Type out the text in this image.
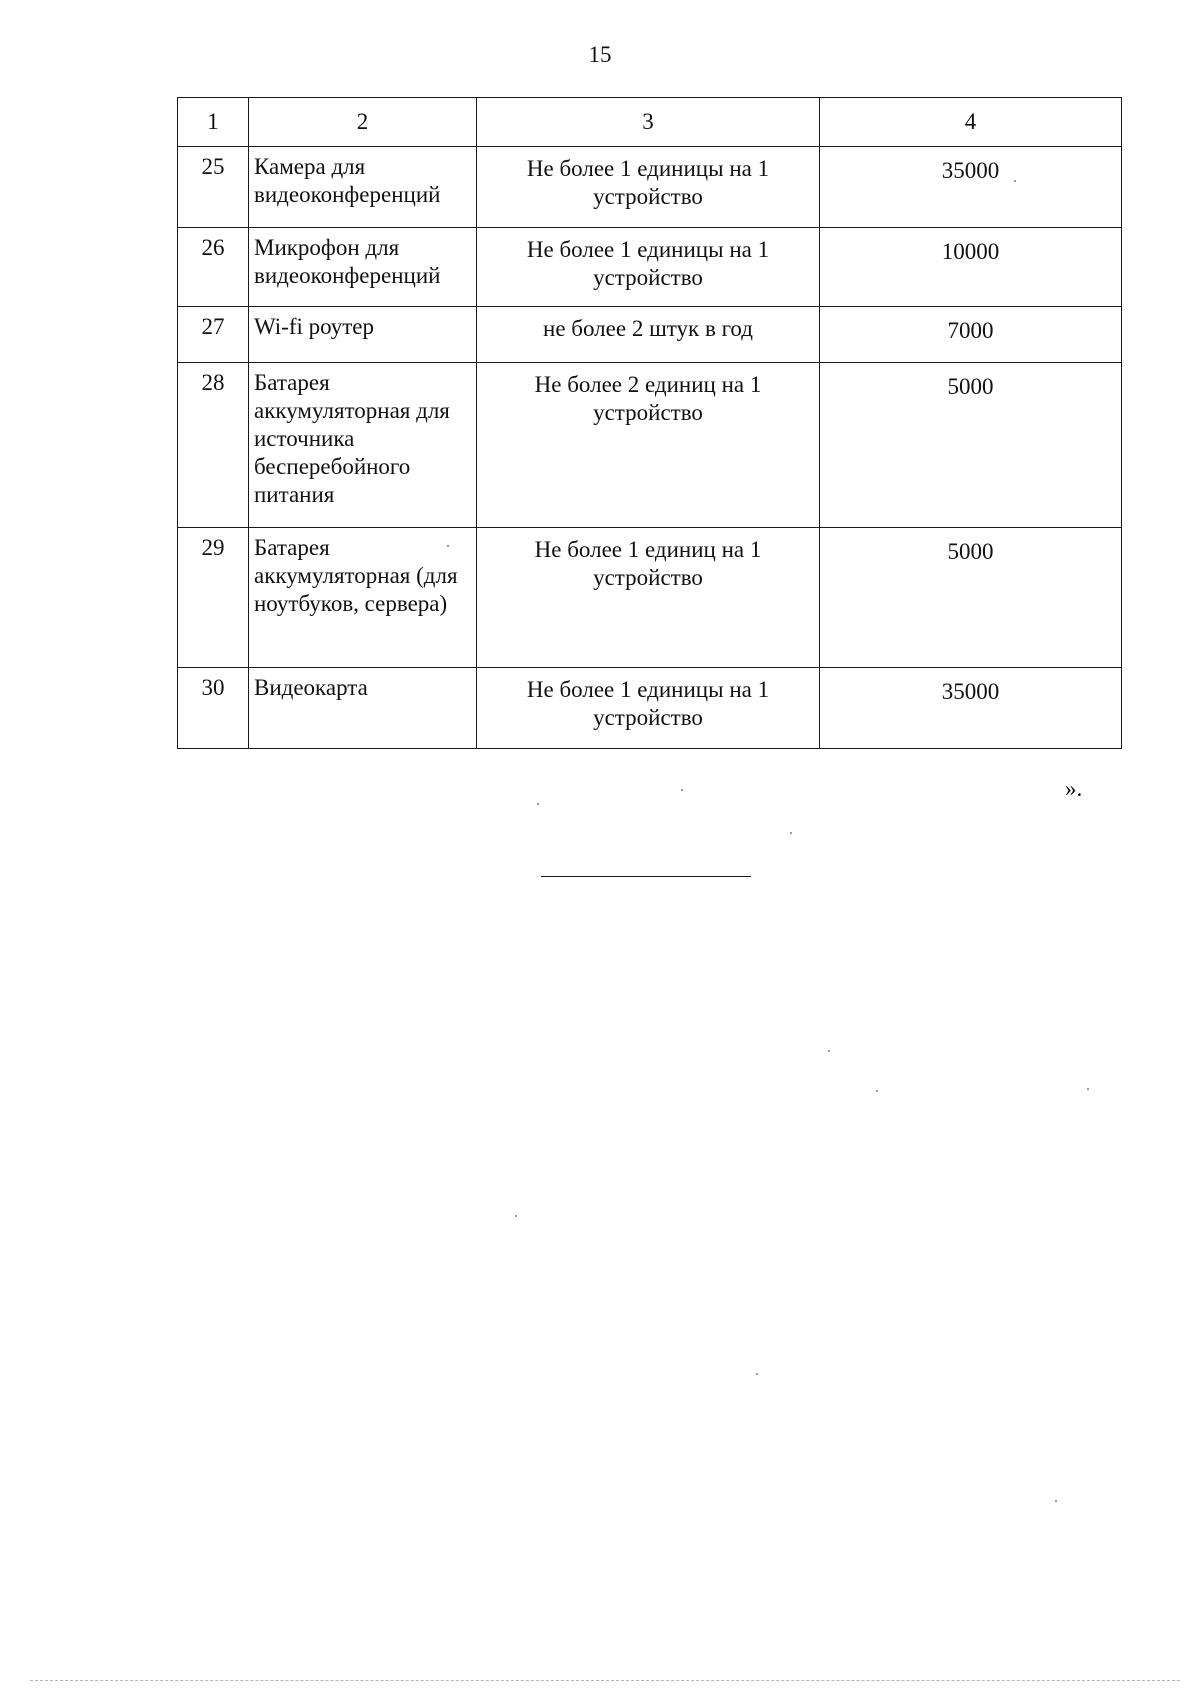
15
1	2	3	4
25	Камера для видеоконференций	Не более 1 единицы на 1 устройство	35000
26	Микрофон для видеоконференций	Не более 1 единицы на 1 устройство	10000
27	Wi-fi роутер	не более 2 штук в год	7000
28	Батарея аккумуляторная для источника бесперебойного питания	Не более 2 единиц на 1 устройство	5000
29	Батарея аккумуляторная (для ноутбуков, сервера)	Не более 1 единиц на 1 устройство	5000
30	Видеокарта	Не более 1 единицы на 1 устройство	35000
».
